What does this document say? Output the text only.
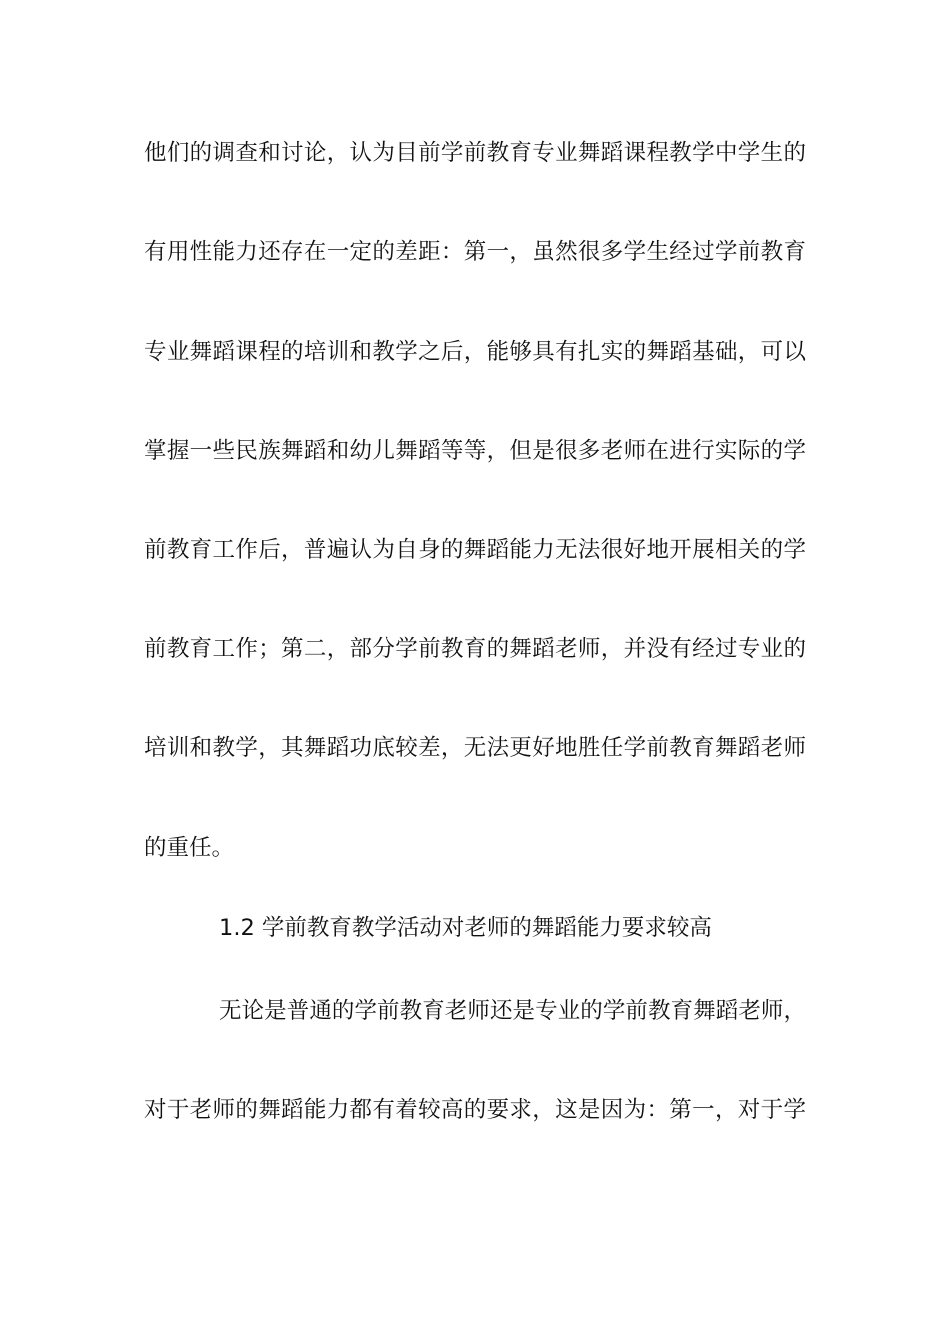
他们的调查和讨论，认为目前学前教育专业舞蹈课程教学中学生的
有用性能力还存在一定的差距：第一，虽然很多学生经过学前教育
专业舞蹈课程的培训和教学之后，能够具有扎实的舞蹈基础，可以
掌握一些民族舞蹈和幼儿舞蹈等等，但是很多老师在进行实际的学
前教育工作后，普遍认为自身的舞蹈能力无法很好地开展相关的学
前教育工作；第二，部分学前教育的舞蹈老师，并没有经过专业的
培训和教学，其舞蹈功底较差，无法更好地胜任学前教育舞蹈老师
的重任。
1.2 学前教育教学活动对老师的舞蹈能力要求较高
无论是普通的学前教育老师还是专业的学前教育舞蹈老师，
对于老师的舞蹈能力都有着较高的要求，这是因为：第一，对于学
